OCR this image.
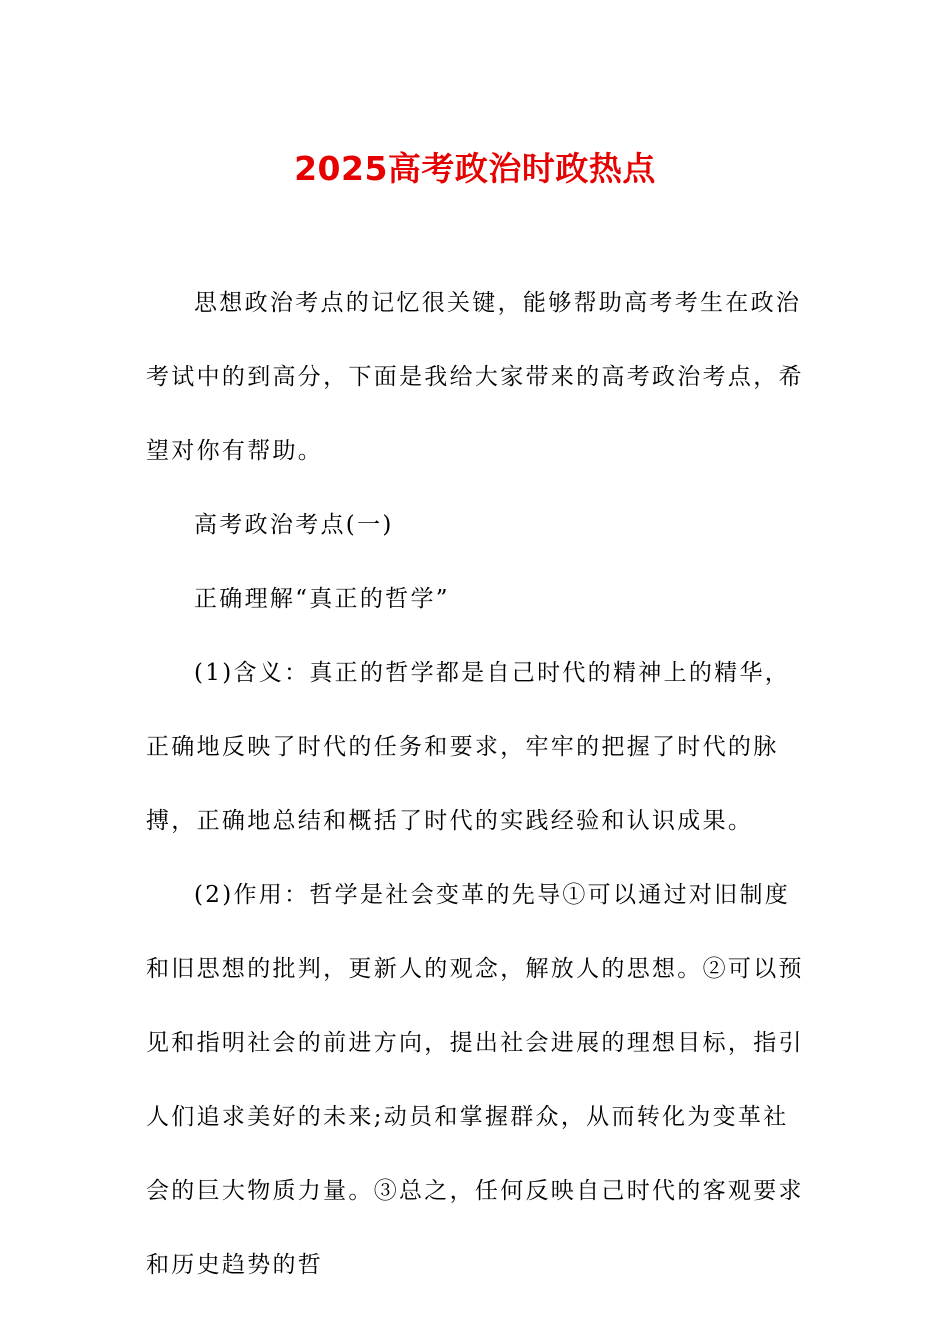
2025高考政治时政热点

思想政治考点的记忆很关键，能够帮助高考考生在政治考试中的到高分，下面是我给大家带来的高考政治考点，希望对你有帮助。

高考政治考点(一)

正确理解“真正的哲学”

(1)含义：真正的哲学都是自己时代的精神上的精华，正确地反映了时代的任务和要求，牢牢的把握了时代的脉搏，正确地总结和概括了时代的实践经验和认识成果。

(2)作用：哲学是社会变革的先导①可以通过对旧制度和旧思想的批判，更新人的观念，解放人的思想。②可以预见和指明社会的前进方向，提出社会进展的理想目标，指引人们追求美好的未来;动员和掌握群众，从而转化为变革社会的巨大物质力量。③总之，任何反映自己时代的客观要求和历史趋势的哲
